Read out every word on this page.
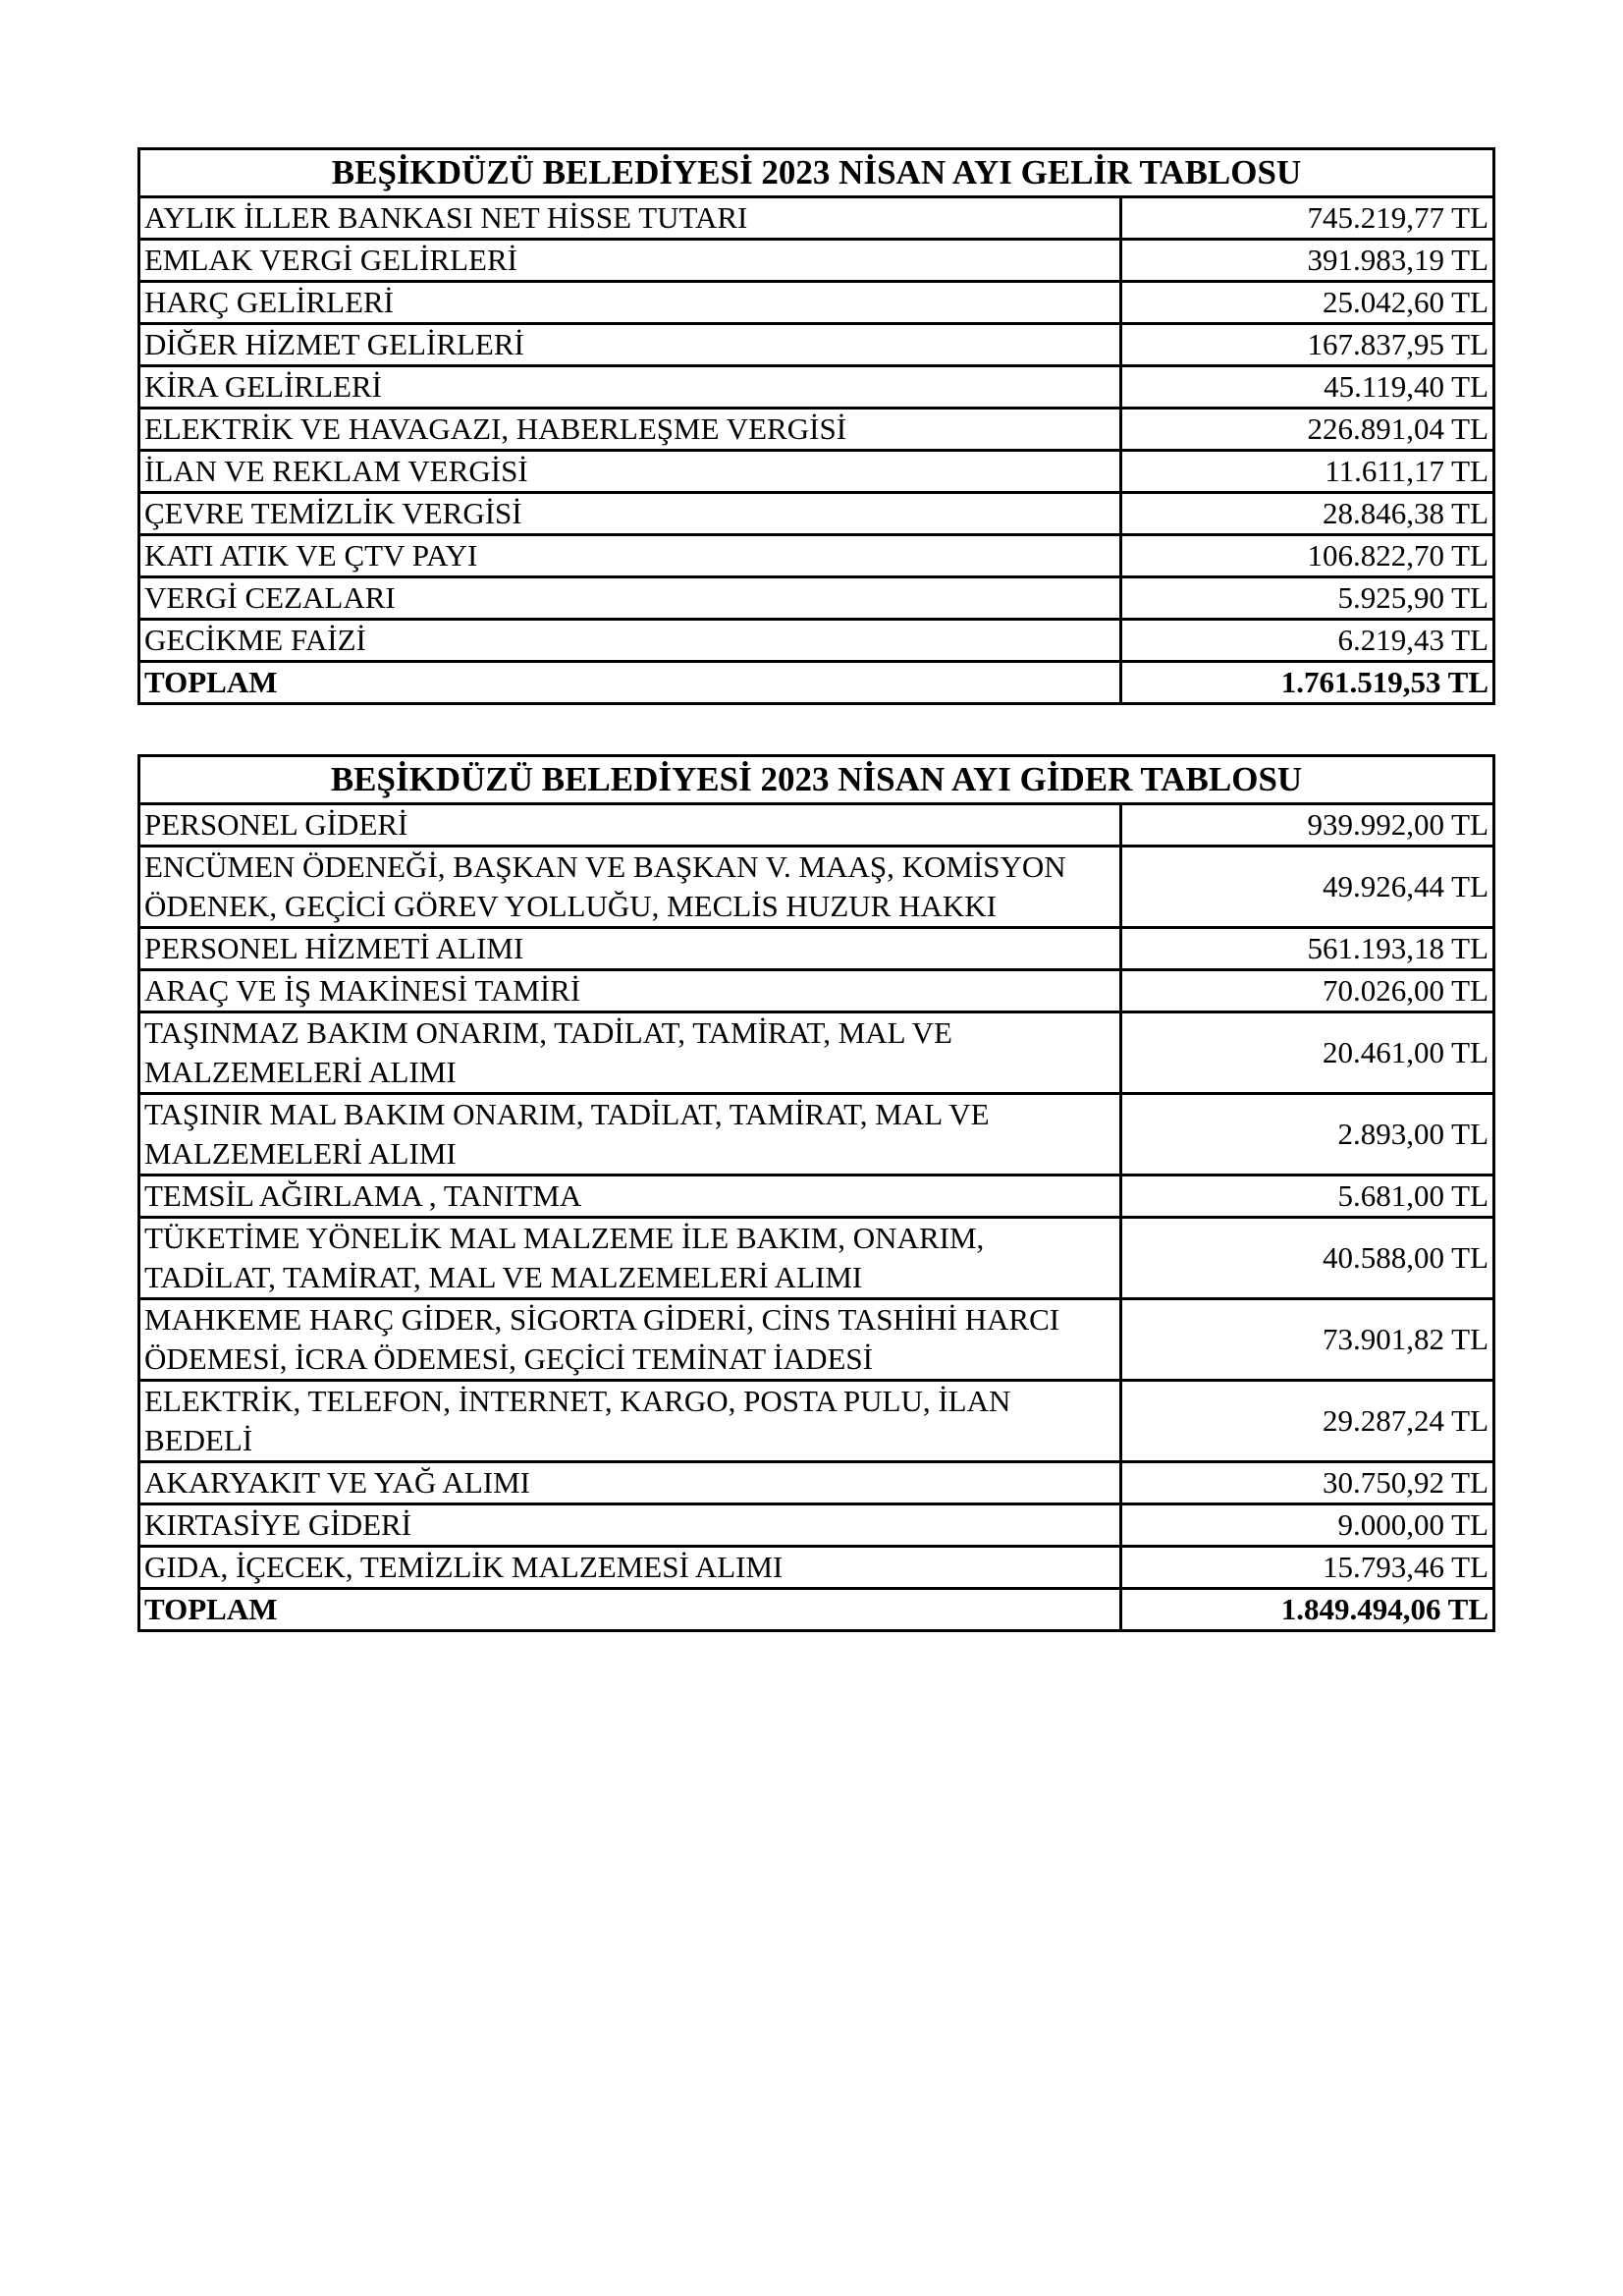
BEŞİKDÜZÜ BELEDİYESİ 2023 NİSAN AYI GELİR TABLOSU	
AYLIK İLLER BANKASI NET HİSSE TUTARI	745.219,77 TL
EMLAK VERGİ GELİRLERİ	391.983,19 TL
HARÇ GELİRLERİ	25.042,60 TL
DİĞER HİZMET GELİRLERİ	167.837,95 TL
KİRA GELİRLERİ	45.119,40 TL
ELEKTRİK VE HAVAGAZI, HABERLEŞME VERGİSİ	226.891,04 TL
İLAN VE REKLAM VERGİSİ	11.611,17 TL
ÇEVRE TEMİZLİK VERGİSİ	28.846,38 TL
KATI ATIK VE ÇTV PAYI	106.822,70 TL
VERGİ CEZALARI	5.925,90 TL
GECİKME FAİZİ	6.219,43 TL
TOPLAM	1.761.519,53 TL
BEŞİKDÜZÜ BELEDİYESİ 2023 NİSAN AYI GİDER TABLOSU	
PERSONEL GİDERİ	939.992,00 TL
ENCÜMEN ÖDENEĞİ, BAŞKAN VE BAŞKAN V. MAAŞ, KOMİSYON ÖDENEK, GEÇİCİ GÖREV YOLLUĞU, MECLİS HUZUR HAKKI	49.926,44 TL
PERSONEL HİZMETİ ALIMI	561.193,18 TL
ARAÇ VE İŞ MAKİNESİ TAMİRİ	70.026,00 TL
TAŞINMAZ BAKIM ONARIM, TADİLAT, TAMİRAT, MAL VE MALZEMELERİ ALIMI	20.461,00 TL
TAŞINIR MAL BAKIM ONARIM, TADİLAT, TAMİRAT, MAL VE MALZEMELERİ ALIMI	2.893,00 TL
TEMSİL AĞIRLAMA , TANITMA	5.681,00 TL
TÜKETİME YÖNELİK MAL MALZEME İLE BAKIM, ONARIM, TADİLAT, TAMİRAT, MAL VE MALZEMELERİ ALIMI	40.588,00 TL
MAHKEME HARÇ GİDER, SİGORTA GİDERİ, CİNS TASHİHİ HARCI ÖDEMESİ, İCRA ÖDEMESİ, GEÇİCİ TEMİNAT İADESİ	73.901,82 TL
ELEKTRİK, TELEFON, İNTERNET, KARGO, POSTA PULU, İLAN BEDELİ	29.287,24 TL
AKARYAKIT VE YAĞ ALIMI	30.750,92 TL
KIRTASİYE GİDERİ	9.000,00 TL
GIDA, İÇECEK, TEMİZLİK MALZEMESİ ALIMI	15.793,46 TL
TOPLAM	1.849.494,06 TL
